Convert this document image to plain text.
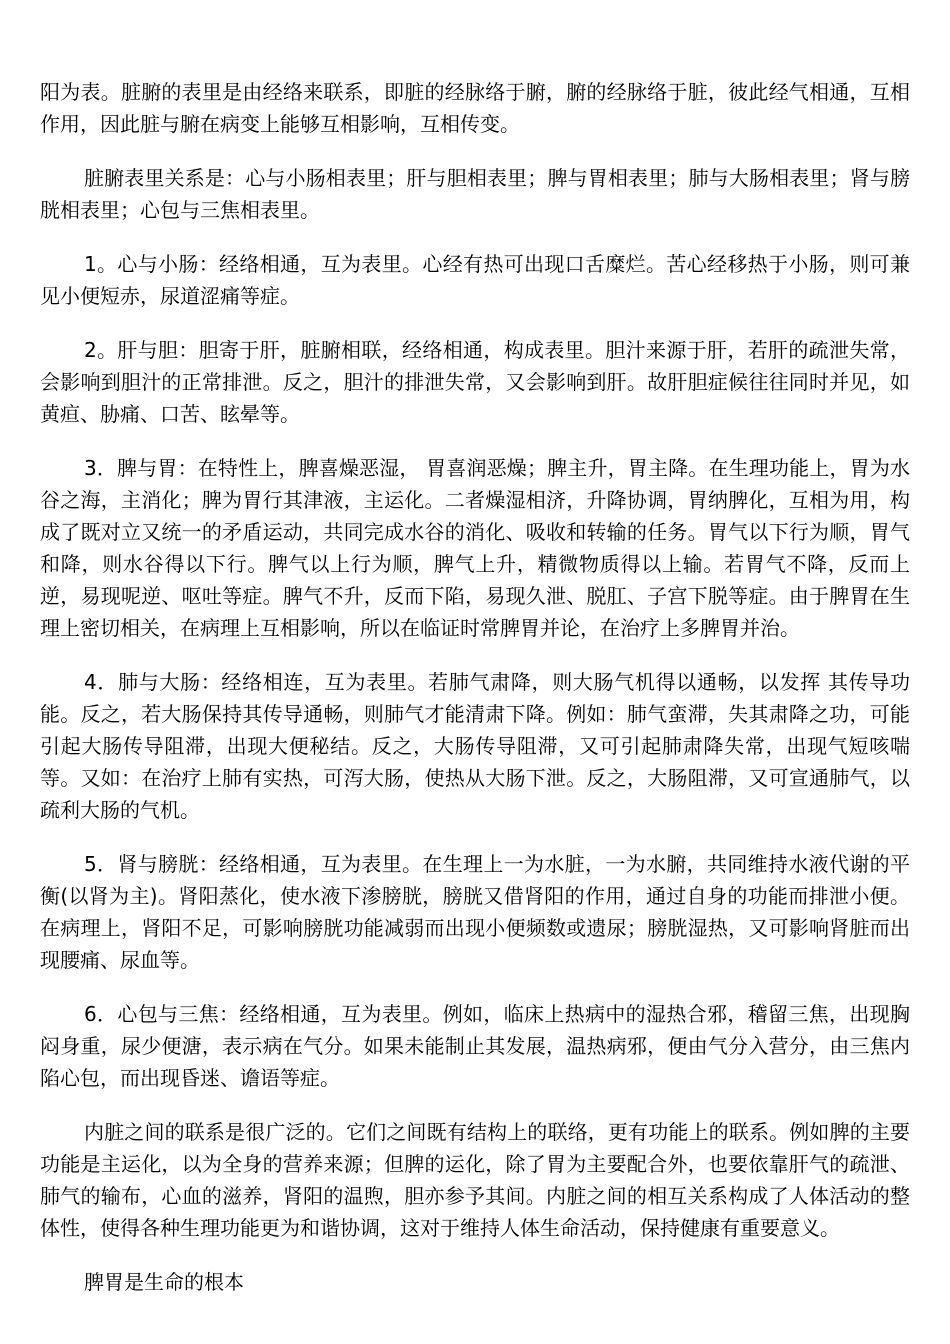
阳为表。脏腑的表里是由经络来联系，即脏的经脉络于腑，腑的经脉络于脏，彼此经气相通，互相作用，因此脏与腑在病变上能够互相影响，互相传变。

脏腑表里关系是：心与小肠相表里；肝与胆相表里；脾与胃相表里；肺与大肠相表里；肾与膀胱相表里；心包与三焦相表里。

1。心与小肠：经络相通，互为表里。心经有热可出现口舌糜烂。苦心经移热于小肠，则可兼见小便短赤，尿道涩痛等症。

2。肝与胆：胆寄于肝，脏腑相联，经络相通，构成表里。胆汁来源于肝，若肝的疏泄失常，会影响到胆汁的正常排泄。反之，胆汁的排泄失常，又会影响到肝。故肝胆症候往往同时并见，如黄疸、胁痛、口苦、眩晕等。

3．脾与胃：在特性上，脾喜燥恶湿， 胃喜润恶燥；脾主升，胃主降。在生理功能上，胃为水谷之海，主消化；脾为胃行其津液，主运化。二者燥湿相济，升降协调，胃纳脾化，互相为用，构成了既对立又统一的矛盾运动，共同完成水谷的消化、吸收和转输的任务。胃气以下行为顺，胃气和降，则水谷得以下行。脾气以上行为顺，脾气上升，精微物质得以上输。若胃气不降，反而上逆，易现呢逆、呕吐等症。脾气不升，反而下陷，易现久泄、脱肛、子宫下脱等症。由于脾胃在生理上密切相关，在病理上互相影响，所以在临证时常脾胃并论，在治疗上多脾胃并治。

4．肺与大肠：经络相连，互为表里。若肺气肃降，则大肠气机得以通畅，以发挥 其传导功能。反之，若大肠保持其传导通畅，则肺气才能清肃下降。例如：肺气蛮滞，失其肃降之功，可能引起大肠传导阻滞，出现大便秘结。反之，大肠传导阻滞，又可引起肺肃降失常，出现气短咳喘等。又如：在治疗上肺有实热，可泻大肠，使热从大肠下泄。反之，大肠阻滞，又可宣通肺气，以疏利大肠的气机。

5．肾与膀胱：经络相通，互为表里。在生理上一为水脏，一为水腑，共同维持水液代谢的平衡(以肾为主)。肾阳蒸化，使水液下渗膀胱，膀胱又借肾阳的作用，通过自身的功能而排泄小便。在病理上，肾阳不足，可影响膀胱功能减弱而出现小便频数或遗尿；膀胱湿热，又可影响肾脏而出现腰痛、尿血等。

6．心包与三焦：经络相通，互为表里。例如，临床上热病中的湿热合邪，稽留三焦，出现胸闷身重，尿少便溏，表示病在气分。如果未能制止其发展，温热病邪，便由气分入营分，由三焦内陷心包，而出现昏迷、谵语等症。

内脏之间的联系是很广泛的。它们之间既有结构上的联络，更有功能上的联系。例如脾的主要功能是主运化，以为全身的营养来源；但脾的运化，除了胃为主要配合外，也要依靠肝气的疏泄、肺气的输布，心血的滋养，肾阳的温煦，胆亦参予其间。内脏之间的相互关系构成了人体活动的整体性，使得各种生理功能更为和谐协调，这对于维持人体生命活动，保持健康有重要意义。

脾胃是生命的根本
